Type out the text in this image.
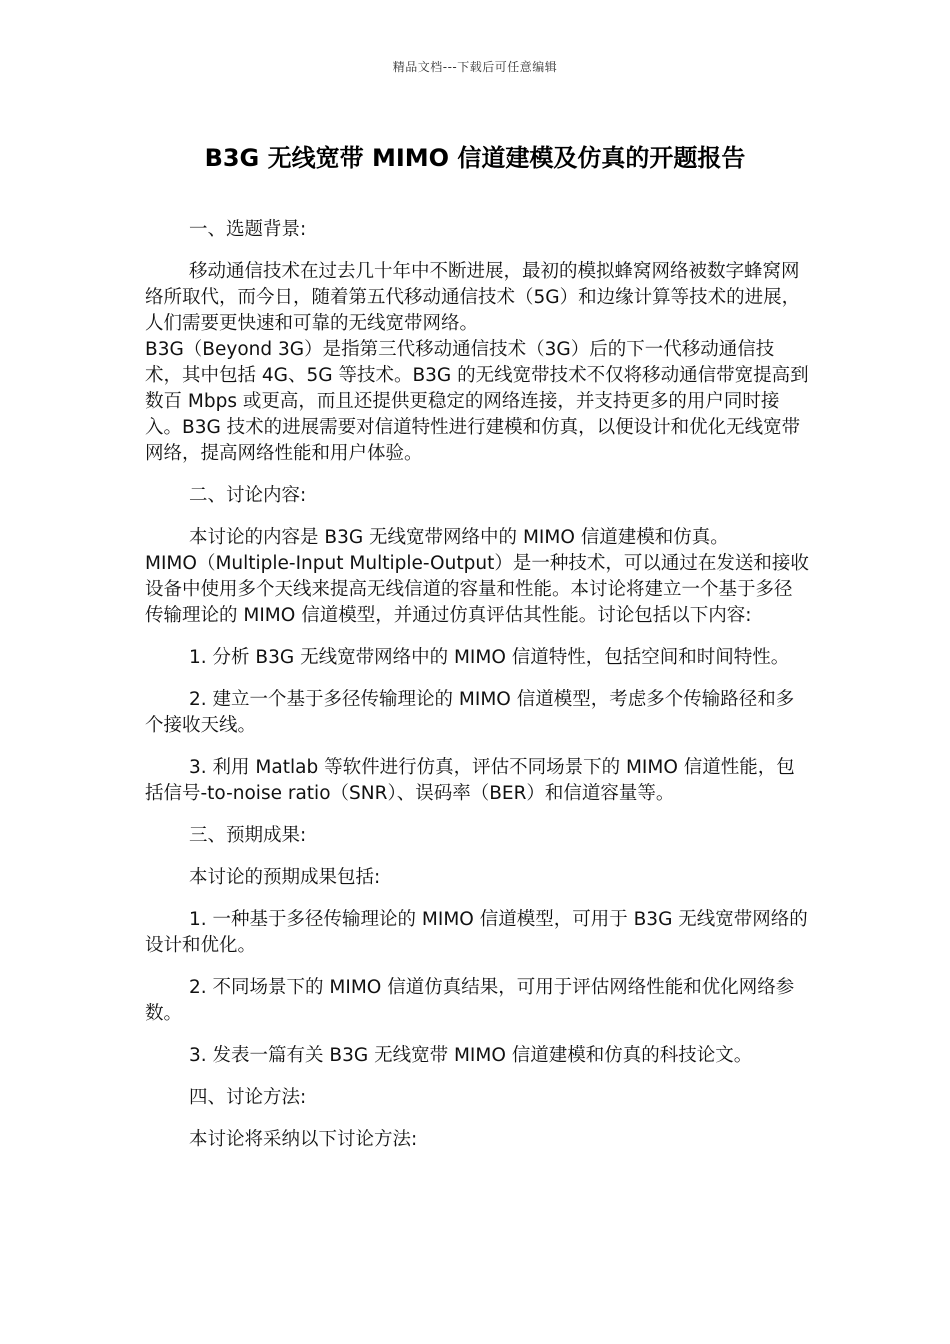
精品文档---下载后可任意编辑
B3G 无线宽带 MIMO 信道建模及仿真的开题报告

一、选题背景:

移动通信技术在过去几十年中不断进展，最初的模拟蜂窝网络被数字蜂窝网络所取代，而今日，随着第五代移动通信技术（5G）和边缘计算等技术的进展，人们需要更快速和可靠的无线宽带网络。

B3G（Beyond 3G）是指第三代移动通信技术（3G）后的下一代移动通信技术，其中包括 4G、5G 等技术。B3G 的无线宽带技术不仅将移动通信带宽提高到数百 Mbps 或更高，而且还提供更稳定的网络连接，并支持更多的用户同时接入。B3G 技术的进展需要对信道特性进行建模和仿真，以便设计和优化无线宽带网络，提高网络性能和用户体验。

二、讨论内容:

本讨论的内容是 B3G 无线宽带网络中的 MIMO 信道建模和仿真。

MIMO（Multiple-Input Multiple-Output）是一种技术，可以通过在发送和接收设备中使用多个天线来提高无线信道的容量和性能。本讨论将建立一个基于多径传输理论的 MIMO 信道模型，并通过仿真评估其性能。讨论包括以下内容:

1. 分析 B3G 无线宽带网络中的 MIMO 信道特性，包括空间和时间特性。

2. 建立一个基于多径传输理论的 MIMO 信道模型，考虑多个传输路径和多个接收天线。

3. 利用 Matlab 等软件进行仿真，评估不同场景下的 MIMO 信道性能，包括信号-to-noise ratio（SNR）、误码率（BER）和信道容量等。

三、预期成果:

本讨论的预期成果包括:

1. 一种基于多径传输理论的 MIMO 信道模型，可用于 B3G 无线宽带网络的设计和优化。

2. 不同场景下的 MIMO 信道仿真结果，可用于评估网络性能和优化网络参数。

3. 发表一篇有关 B3G 无线宽带 MIMO 信道建模和仿真的科技论文。

四、讨论方法:

本讨论将采纳以下讨论方法:
